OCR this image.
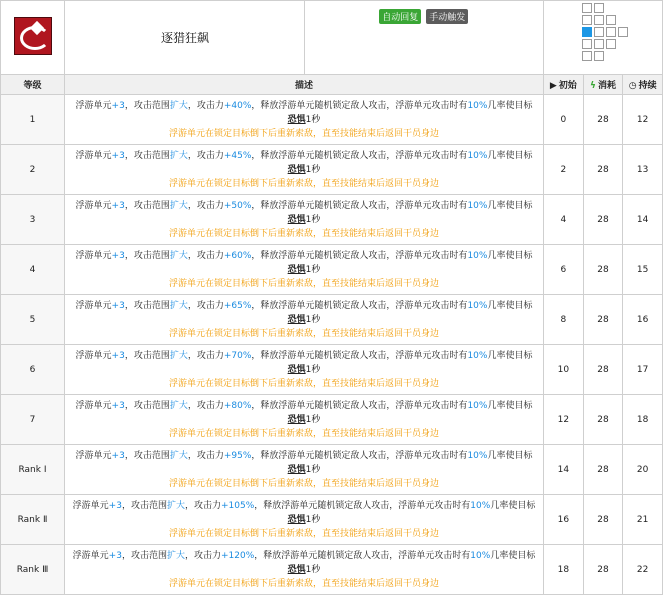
	逐猎狂飙	自动回复 手动触发			

等级	描述		▶ 初始	ϟ 消耗	◷ 持续
1	浮游单元+3，攻击范围扩大，攻击力+40%，释放浮游单元随机锁定敌人攻击，浮游单元攻击时有10%几率使目标
恐惧1秒
浮游单元在锁定目标倒下后重新索敌，直至技能结束后返回干员身边		0	28	12
2	浮游单元+3，攻击范围扩大，攻击力+45%，释放浮游单元随机锁定敌人攻击，浮游单元攻击时有10%几率使目标
恐惧1秒
浮游单元在锁定目标倒下后重新索敌，直至技能结束后返回干员身边		2	28	13
3	浮游单元+3，攻击范围扩大，攻击力+50%，释放浮游单元随机锁定敌人攻击，浮游单元攻击时有10%几率使目标
恐惧1秒
浮游单元在锁定目标倒下后重新索敌，直至技能结束后返回干员身边		4	28	14
4	浮游单元+3，攻击范围扩大，攻击力+60%，释放浮游单元随机锁定敌人攻击，浮游单元攻击时有10%几率使目标
恐惧1秒
浮游单元在锁定目标倒下后重新索敌，直至技能结束后返回干员身边		6	28	15
5	浮游单元+3，攻击范围扩大，攻击力+65%，释放浮游单元随机锁定敌人攻击，浮游单元攻击时有10%几率使目标
恐惧1秒
浮游单元在锁定目标倒下后重新索敌，直至技能结束后返回干员身边		8	28	16
6	浮游单元+3，攻击范围扩大，攻击力+70%，释放浮游单元随机锁定敌人攻击，浮游单元攻击时有10%几率使目标
恐惧1秒
浮游单元在锁定目标倒下后重新索敌，直至技能结束后返回干员身边		10	28	17
7	浮游单元+3，攻击范围扩大，攻击力+80%，释放浮游单元随机锁定敌人攻击，浮游单元攻击时有10%几率使目标
恐惧1秒
浮游单元在锁定目标倒下后重新索敌，直至技能结束后返回干员身边		12	28	18
Rank Ⅰ	浮游单元+3，攻击范围扩大，攻击力+95%，释放浮游单元随机锁定敌人攻击，浮游单元攻击时有10%几率使目标
恐惧1秒
浮游单元在锁定目标倒下后重新索敌，直至技能结束后返回干员身边		14	28	20
Rank Ⅱ	浮游单元+3，攻击范围扩大，攻击力+105%，释放浮游单元随机锁定敌人攻击，浮游单元攻击时有10%几率使目标
恐惧1秒
浮游单元在锁定目标倒下后重新索敌，直至技能结束后返回干员身边		16	28	21
Rank Ⅲ	浮游单元+3，攻击范围扩大，攻击力+120%，释放浮游单元随机锁定敌人攻击，浮游单元攻击时有10%几率使目标
恐惧1秒
浮游单元在锁定目标倒下后重新索敌，直至技能结束后返回干员身边		18	28	22
